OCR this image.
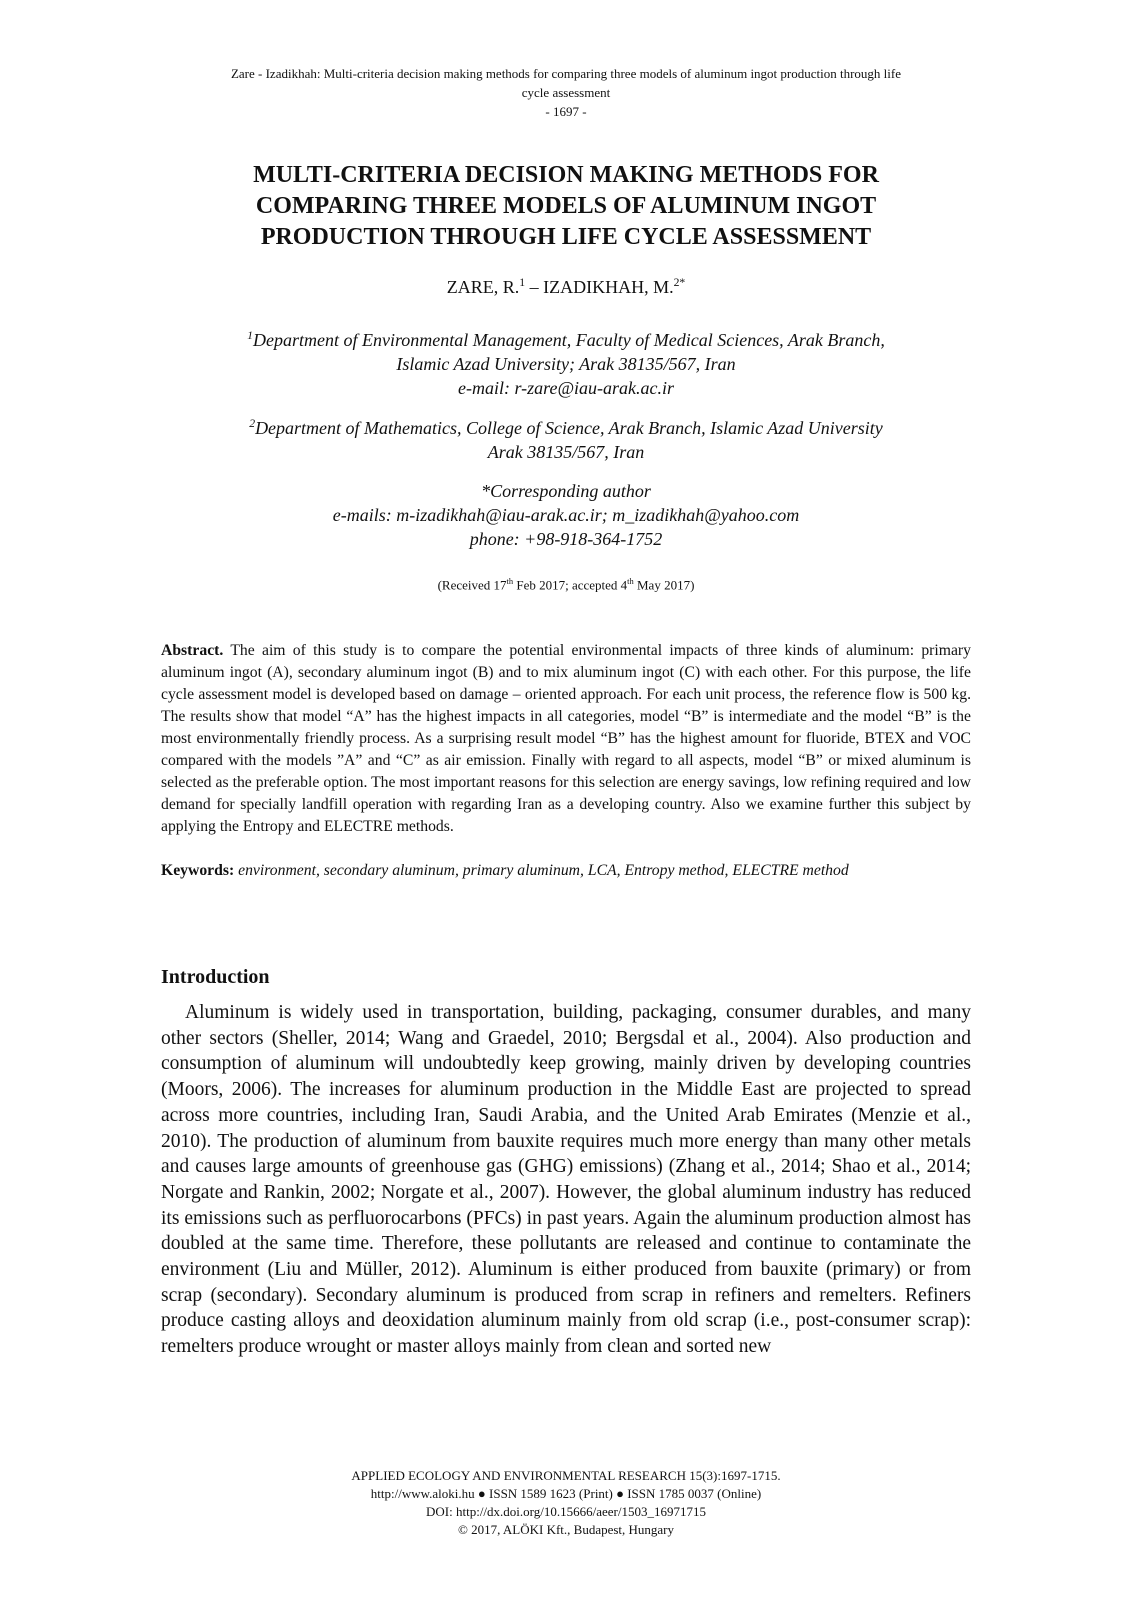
Zare - Izadikhah: Multi-criteria decision making methods for comparing three models of aluminum ingot production through life
cycle assessment
- 1697 -
MULTI-CRITERIA DECISION MAKING METHODS FOR
COMPARING THREE MODELS OF ALUMINUM INGOT
PRODUCTION THROUGH LIFE CYCLE ASSESSMENT
ZARE, R.$^1$ – IZADIKHAH, M.$^{2*}$
$^1$Department of Environmental Management, Faculty of Medical Sciences, Arak Branch,
Islamic Azad University; Arak 38135/567, Iran
e-mail: r-zare@iau-arak.ac.ir
$^2$Department of Mathematics, College of Science, Arak Branch, Islamic Azad University
Arak 38135/567, Iran
*Corresponding author
e-mails: m-izadikhah@iau-arak.ac.ir; m_izadikhah@yahoo.com
phone: +98-918-364-1752
(Received 17th Feb 2017; accepted 4th May 2017)

Abstract. The aim of this study is to compare the potential environmental impacts of three kinds of aluminum: primary aluminum ingot (A), secondary aluminum ingot (B) and to mix aluminum ingot (C) with each other. For this purpose, the life cycle assessment model is developed based on damage – oriented approach. For each unit process, the reference flow is 500 kg. The results show that model “A” has the highest impacts in all categories, model “B” is intermediate and the model “B” is the most environmentally friendly process. As a surprising result model “B” has the highest amount for fluoride, BTEX and VOC compared with the models ”A” and “C” as air emission. Finally with regard to all aspects, model “B” or mixed aluminum is selected as the preferable option. The most important reasons for this selection are energy savings, low refining required and low demand for specially landfill operation with regarding Iran as a developing country. Also we examine further this subject by applying the Entropy and ELECTRE methods.

Keywords: environment, secondary aluminum, primary aluminum, LCA, Entropy method, ELECTRE method

Introduction

Aluminum is widely used in transportation, building, packaging, consumer durables, and many other sectors (Sheller, 2014; Wang and Graedel, 2010; Bergsdal et al., 2004). Also production and consumption of aluminum will undoubtedly keep growing, mainly driven by developing countries (Moors, 2006). The increases for aluminum production in the Middle East are projected to spread across more countries, including Iran, Saudi Arabia, and the United Arab Emirates (Menzie et al., 2010). The production of aluminum from bauxite requires much more energy than many other metals and causes large amounts of greenhouse gas (GHG) emissions) (Zhang et al., 2014; Shao et al., 2014; Norgate and Rankin, 2002; Norgate et al., 2007). However, the global aluminum industry has reduced its emissions such as perfluorocarbons (PFCs) in past years. Again the aluminum production almost has doubled at the same time. Therefore, these pollutants are released and continue to contaminate the environment (Liu and Müller, 2012). Aluminum is either produced from bauxite (primary) or from scrap (secondary). Secondary aluminum is produced from scrap in refiners and remelters. Refiners produce casting alloys and deoxidation aluminum mainly from old scrap (i.e., post-consumer scrap): remelters produce wrought or master alloys mainly from clean and sorted new

APPLIED ECOLOGY AND ENVIRONMENTAL RESEARCH 15(3):1697-1715.
http://www.aloki.hu ● ISSN 1589 1623 (Print) ● ISSN 1785 0037 (Online)
DOI: http://dx.doi.org/10.15666/aeer/1503_16971715
© 2017, ALÖKI Kft., Budapest, Hungary
